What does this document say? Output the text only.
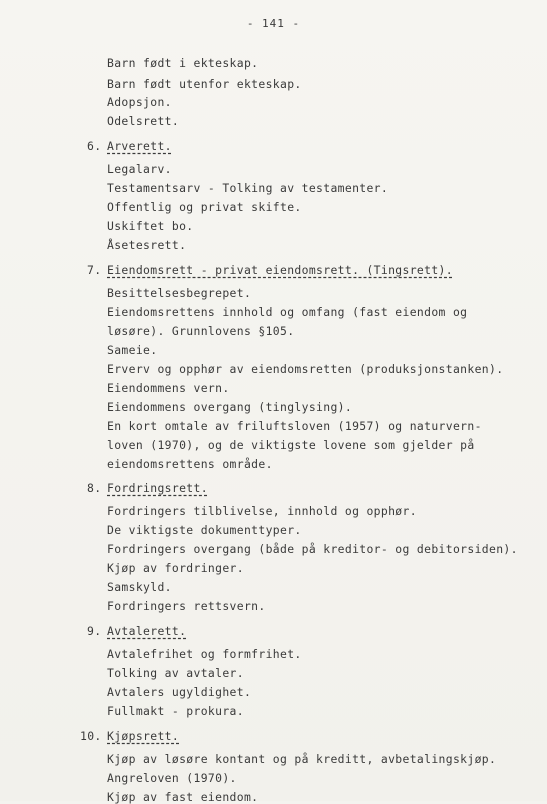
- 141 -
Barn født i ekteskap.
Barn født utenfor ekteskap.
Adopsjon.
Odelsrett.
6. Arverett.
Legalarv.
Testamentsarv - Tolking av testamenter.
Offentlig og privat skifte.
Uskiftet bo.
Åsetesrett.
7. Eiendomsrett - privat eiendomsrett. (Tingsrett).
Besittelsesbegrepet.
Eiendomsrettens innhold og omfang (fast eiendom og
løsøre). Grunnlovens §105.
Sameie.
Erverv og opphør av eiendomsretten (produksjonstanken).
Eiendommens vern.
Eiendommens overgang (tinglysing).
En kort omtale av friluftsloven (1957) og naturvern-
loven (1970), og de viktigste lovene som gjelder på
eiendomsrettens område.
8. Fordringsrett.
Fordringers tilblivelse, innhold og opphør.
De viktigste dokumenttyper.
Fordringers overgang (både på kreditor- og debitorsiden).
Kjøp av fordringer.
Samskyld.
Fordringers rettsvern.
9. Avtalerett.
Avtalefrihet og formfrihet.
Tolking av avtaler.
Avtalers ugyldighet.
Fullmakt - prokura.
10. Kjøpsrett.
Kjøp av løsøre kontant og på kreditt, avbetalingskjøp.
Angreloven (1970).
Kjøp av fast eiendom.
